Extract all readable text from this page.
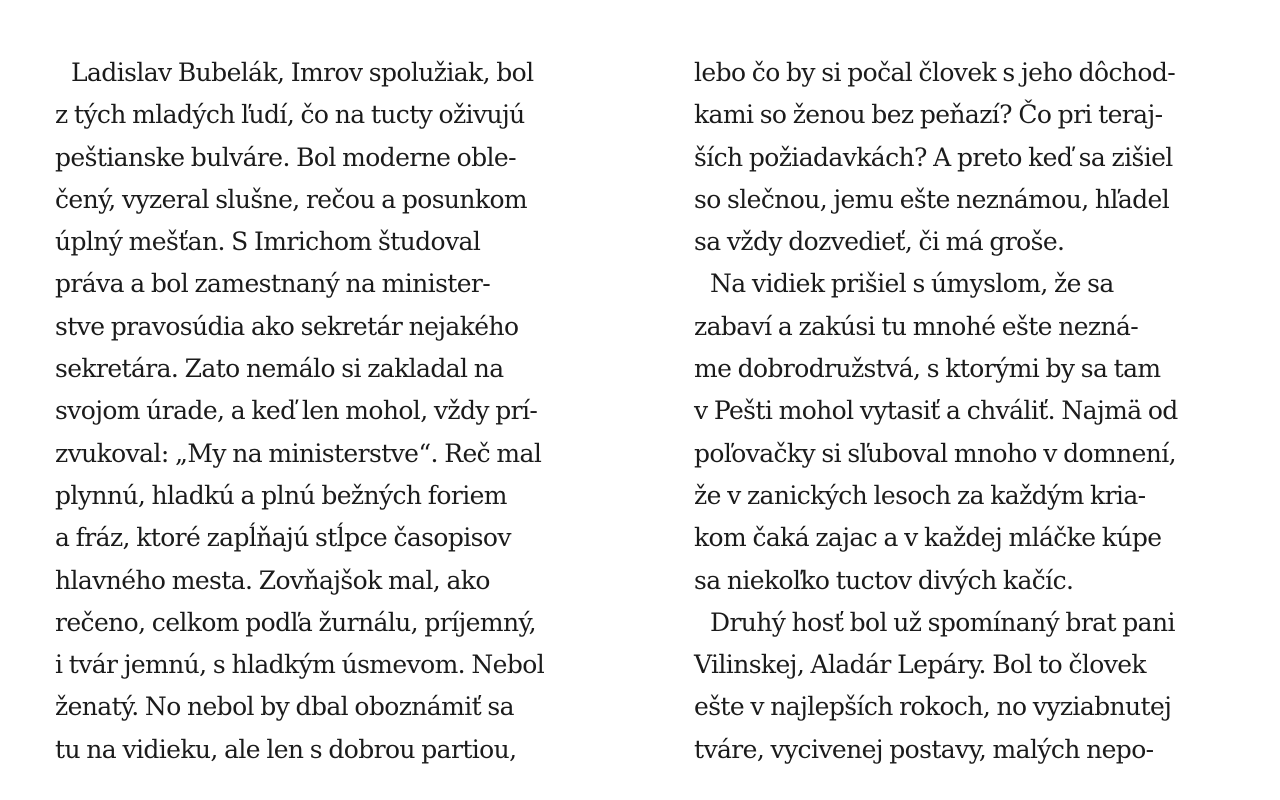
Ladislav Bubelák, Imrov spolužiak, bol
z tých mladých ľudí, čo na tucty oživujú
peštianske bulváre. Bol moderne oble-
čený, vyzeral slušne, rečou a posunkom
úplný mešťan. S Imrichom študoval
práva a bol zamestnaný na minister-
stve pravosúdia ako sekretár nejakého
sekretára. Zato nemálo si zakladal na
svojom úrade, a keď len mohol, vždy prí-
zvukoval: „My na ministerstve“. Reč mal
plynnú, hladkú a plnú bežných foriem
a fráz, ktoré zapĺňajú stĺpce časopisov
hlavného mesta. Zovňajšok mal, ako
rečeno, celkom podľa žurnálu, príjemný,
i tvár jemnú, s hladkým úsmevom. Nebol
ženatý. No nebol by dbal oboznámiť sa
tu na vidieku, ale len s dobrou partiou,
lebo čo by si počal človek s jeho dôchod-
kami so ženou bez peňazí? Čo pri teraj-
ších požiadavkách? A preto keď sa zišiel
so slečnou, jemu ešte neznámou, hľadel
sa vždy dozvedieť, či má groše.
Na vidiek prišiel s úmyslom, že sa
zabaví a zakúsi tu mnohé ešte nezná-
me dobrodružstvá, s ktorými by sa tam
v Pešti mohol vytasiť a chváliť. Najmä od
poľovačky si sľuboval mnoho v domnení,
že v zanických lesoch za každým kria-
kom čaká zajac a v každej mláčke kúpe
sa niekoľko tuctov divých kačíc.
Druhý hosť bol už spomínaný brat pani
Vilinskej, Aladár Lepáry. Bol to človek
ešte v najlepších rokoch, no vyziabnutej
tváre, vycivenej postavy, malých nepo-
